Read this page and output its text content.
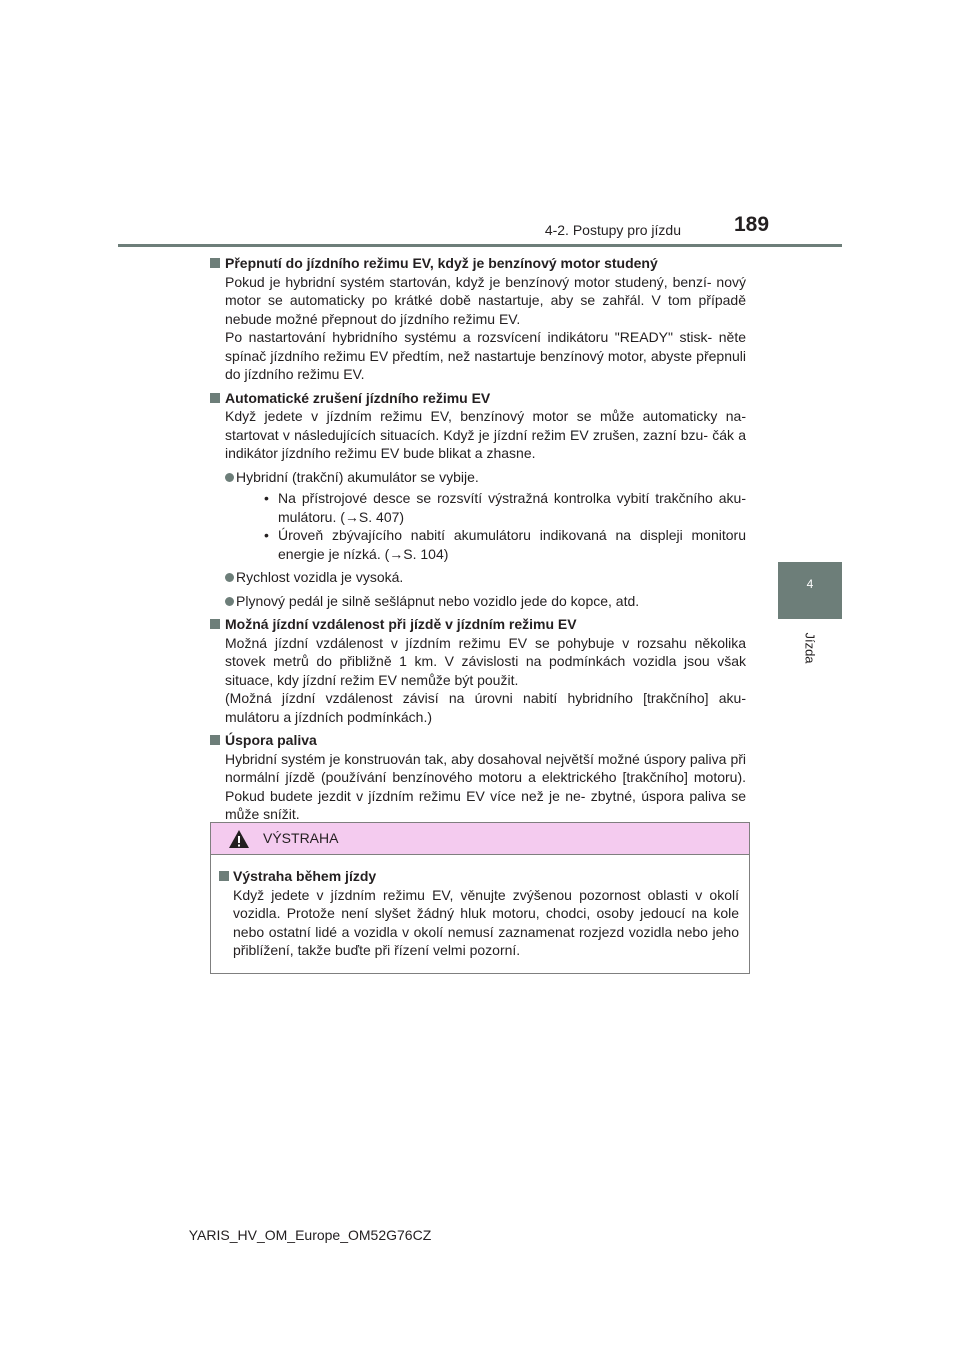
4-2. Postupy pro jízdu	189
4
Jízda
Přepnutí do jízdního režimu EV, když je benzínový motor studený

Pokud je hybridní systém startován, když je benzínový motor studený, benzí- nový motor se automaticky po krátké době nastartuje, aby se zahřál. V tom případě nebude možné přepnout do jízdního režimu EV.

Po nastartování hybridního systému a rozsvícení indikátoru "READY" stisk- něte spínač jízdního režimu EV předtím, než nastartuje benzínový motor, abyste přepnuli do jízdního režimu EV.

Automatické zrušení jízdního režimu EV

Když jedete v jízdním režimu EV, benzínový motor se může automaticky na- startovat v následujících situacích. Když je jízdní režim EV zrušen, zazní bzu- čák a indikátor jízdního režimu EV bude blikat a zhasne.

Hybridní (trakční) akumulátor se vybije.
• Na přístrojové desce se rozsvítí výstražná kontrolka vybití trakčního aku- mulátoru. (→S. 407)
• Úroveň zbývajícího nabití akumulátoru indikovaná na displeji monitoru energie je nízká. (→S. 104)
Rychlost vozidla je vysoká.
Plynový pedál je silně sešlápnut nebo vozidlo jede do kopce, atd.
Možná jízdní vzdálenost při jízdě v jízdním režimu EV

Možná jízdní vzdálenost v jízdním režimu EV se pohybuje v rozsahu několika stovek metrů do přibližně 1 km. V závislosti na podmínkách vozidla jsou však situace, kdy jízdní režim EV nemůže být použit.

(Možná jízdní vzdálenost závisí na úrovni nabití hybridního [trakčního] aku- mulátoru a jízdních podmínkách.)

Úspora paliva

Hybridní systém je konstruován tak, aby dosahoval největší možné úspory paliva při normální jízdě (používání benzínového motoru a elektrického [trakčního] motoru). Pokud budete jezdit v jízdním režimu EV více než je ne- zbytné, úspora paliva se může snížit.

VÝSTRAHA
Výstraha během jízdy
Když jedete v jízdním režimu EV, věnujte zvýšenou pozornost oblasti v okolí vozidla. Protože není slyšet žádný hluk motoru, chodci, osoby jedoucí na kole nebo ostatní lidé a vozidla v okolí nemusí zaznamenat rozjezd vozidla nebo jeho přiblížení, takže buďte při řízení velmi pozorní.
YARIS_HV_OM_Europe_OM52G76CZ
